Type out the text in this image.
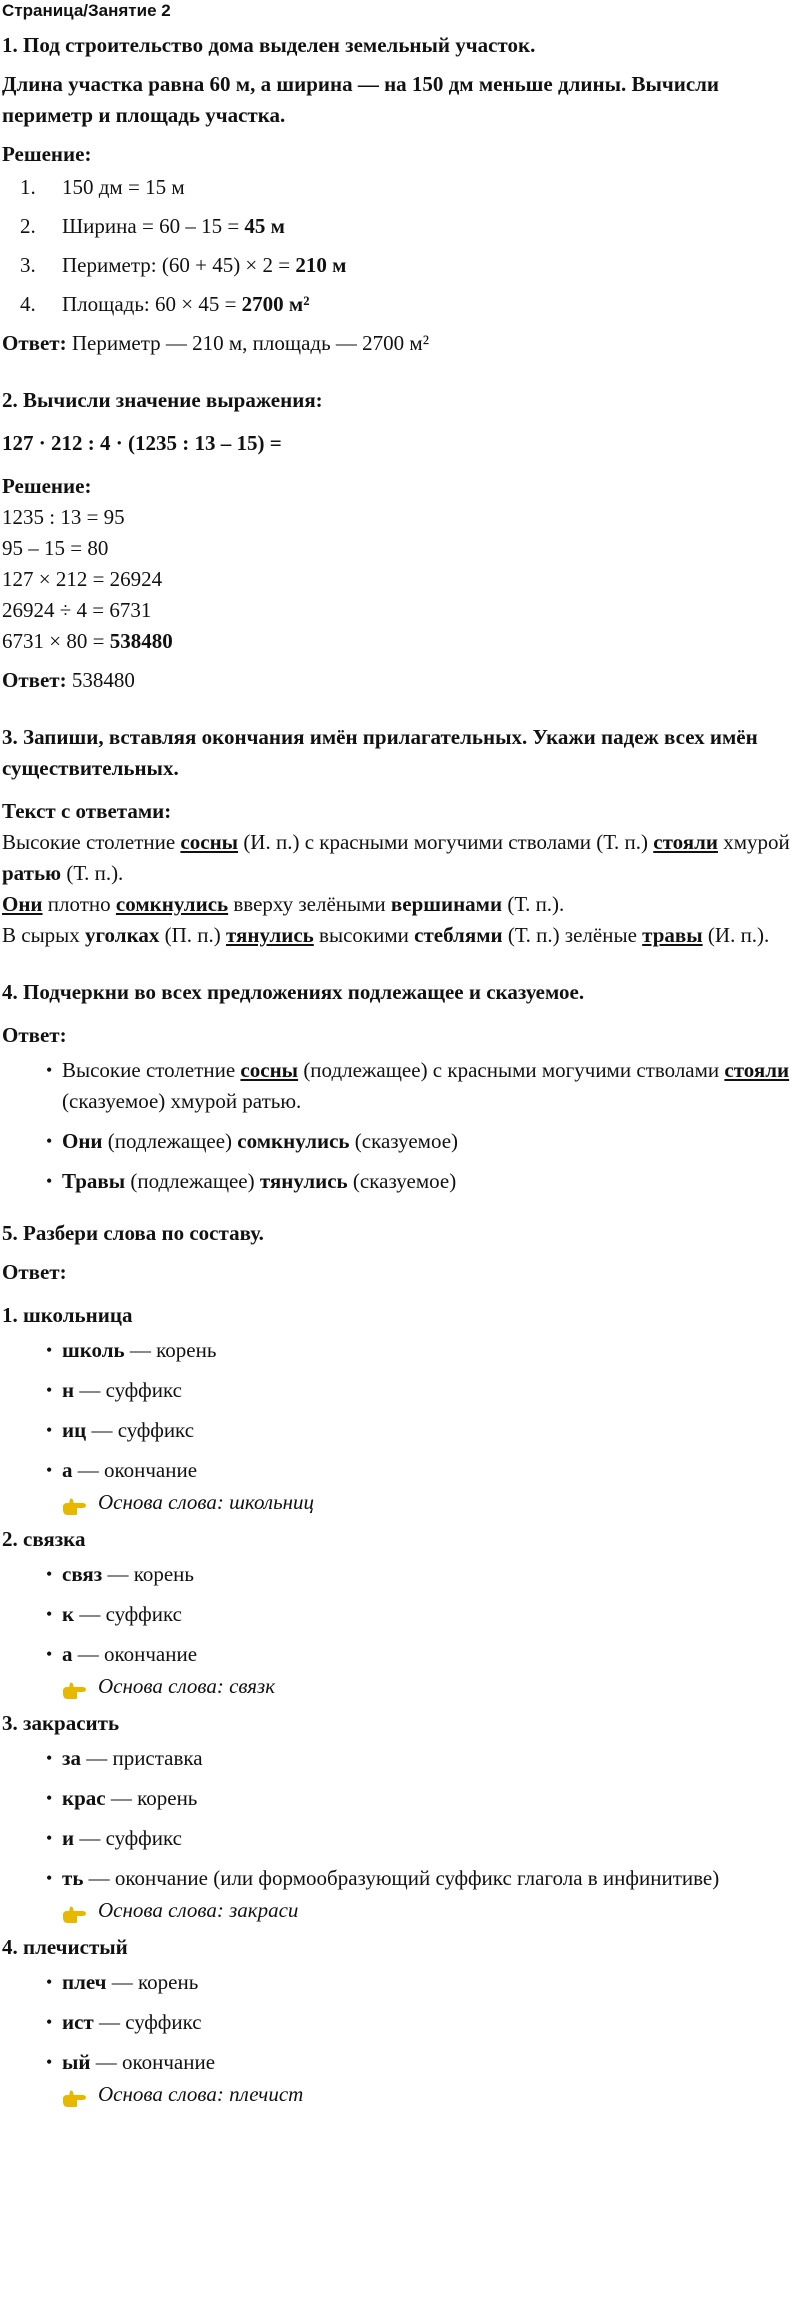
Страница/Занятие 2

1. Под строительство дома выделен земельный участок.

Длина участка равна 60 м, а ширина — на 150 дм меньше длины. Вычисли периметр и площадь участка.

Решение:

1.	150 дм = 15 м
2.	Ширина = 60 – 15 = 45 м
3.	Периметр: (60 + 45) × 2 = 210 м
4.	Площадь: 60 × 45 = 2700 м²

Ответ: Периметр — 210 м, площадь — 2700 м²

2. Вычисли значение выражения:

127 · 212 : 4 · (1235 : 13 – 15) =

Решение:

1235 : 13 = 95

95 – 15 = 80

127 × 212 = 26924

26924 ÷ 4 = 6731

6731 × 80 = 538480

Ответ: 538480

3. Запиши, вставляя окончания имён прилагательных. Укажи падеж всех имён существительных.

Текст с ответами:

Высокие столетние сосны (И. п.) с красными могучими стволами (Т. п.) стояли хмурой ратью (Т. п.).

Они плотно сомкнулись вверху зелёными вершинами (Т. п.).

В сырых уголках (П. п.) тянулись высокими стеблями (Т. п.) зелёные травы (И. п.).

4. Подчеркни во всех предложениях подлежащее и сказуемое.

Ответ:

• Высокие столетние сосны (подлежащее) с красными могучими стволами стояли (сказуемое) хмурой ратью.
• Они (подлежащее) сомкнулись (сказуемое)
• Травы (подлежащее) тянулись (сказуемое)

5. Разбери слова по составу.

Ответ:

1. школьница

• школь — корень
• н — суффикс
• иц — суффикс
• а — окончание

Основа слова: школьниц

2. связка

• связ — корень
• к — суффикс
• а — окончание

Основа слова: связк

3. закрасить

• за — приставка
• крас — корень
• и — суффикс
• ть — окончание (или формообразующий суффикс глагола в инфинитиве)

Основа слова: закраси

4. плечистый

• плеч — корень
• ист — суффикс
• ый — окончание

Основа слова: плечист
